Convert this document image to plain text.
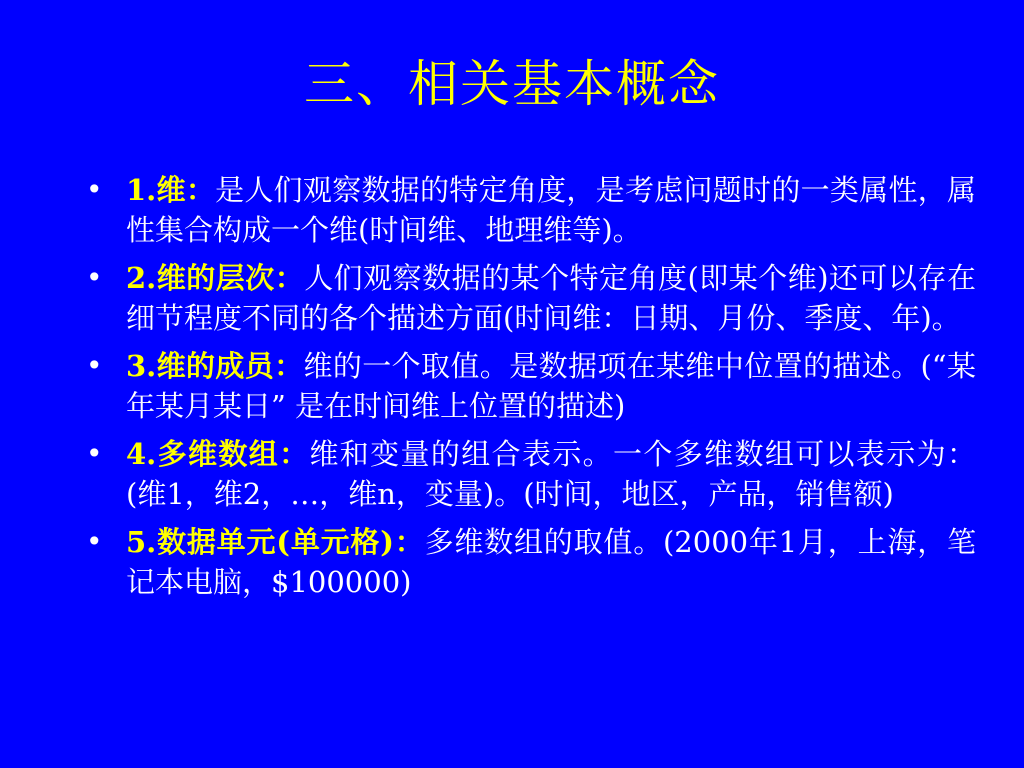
三、相关基本概念
• 1.维：是人们观察数据的特定角度，是考虑问题时的一类属性，属性集合构成一个维(时间维、地理维等)。
• 2.维的层次：人们观察数据的某个特定角度(即某个维)还可以存在细节程度不同的各个描述方面(时间维：日期、月份、季度、年)。
• 3.维的成员：维的一个取值。是数据项在某维中位置的描述。(“某年某月某日” 是在时间维上位置的描述)
• 4.多维数组：维和变量的组合表示。一个多维数组可以表示为：(维1，维2，…，维n，变量)。(时间，地区，产品，销售额)
• 5.数据单元(单元格)：多维数组的取值。(2000年1月，上海，笔记本电脑，$100000)
